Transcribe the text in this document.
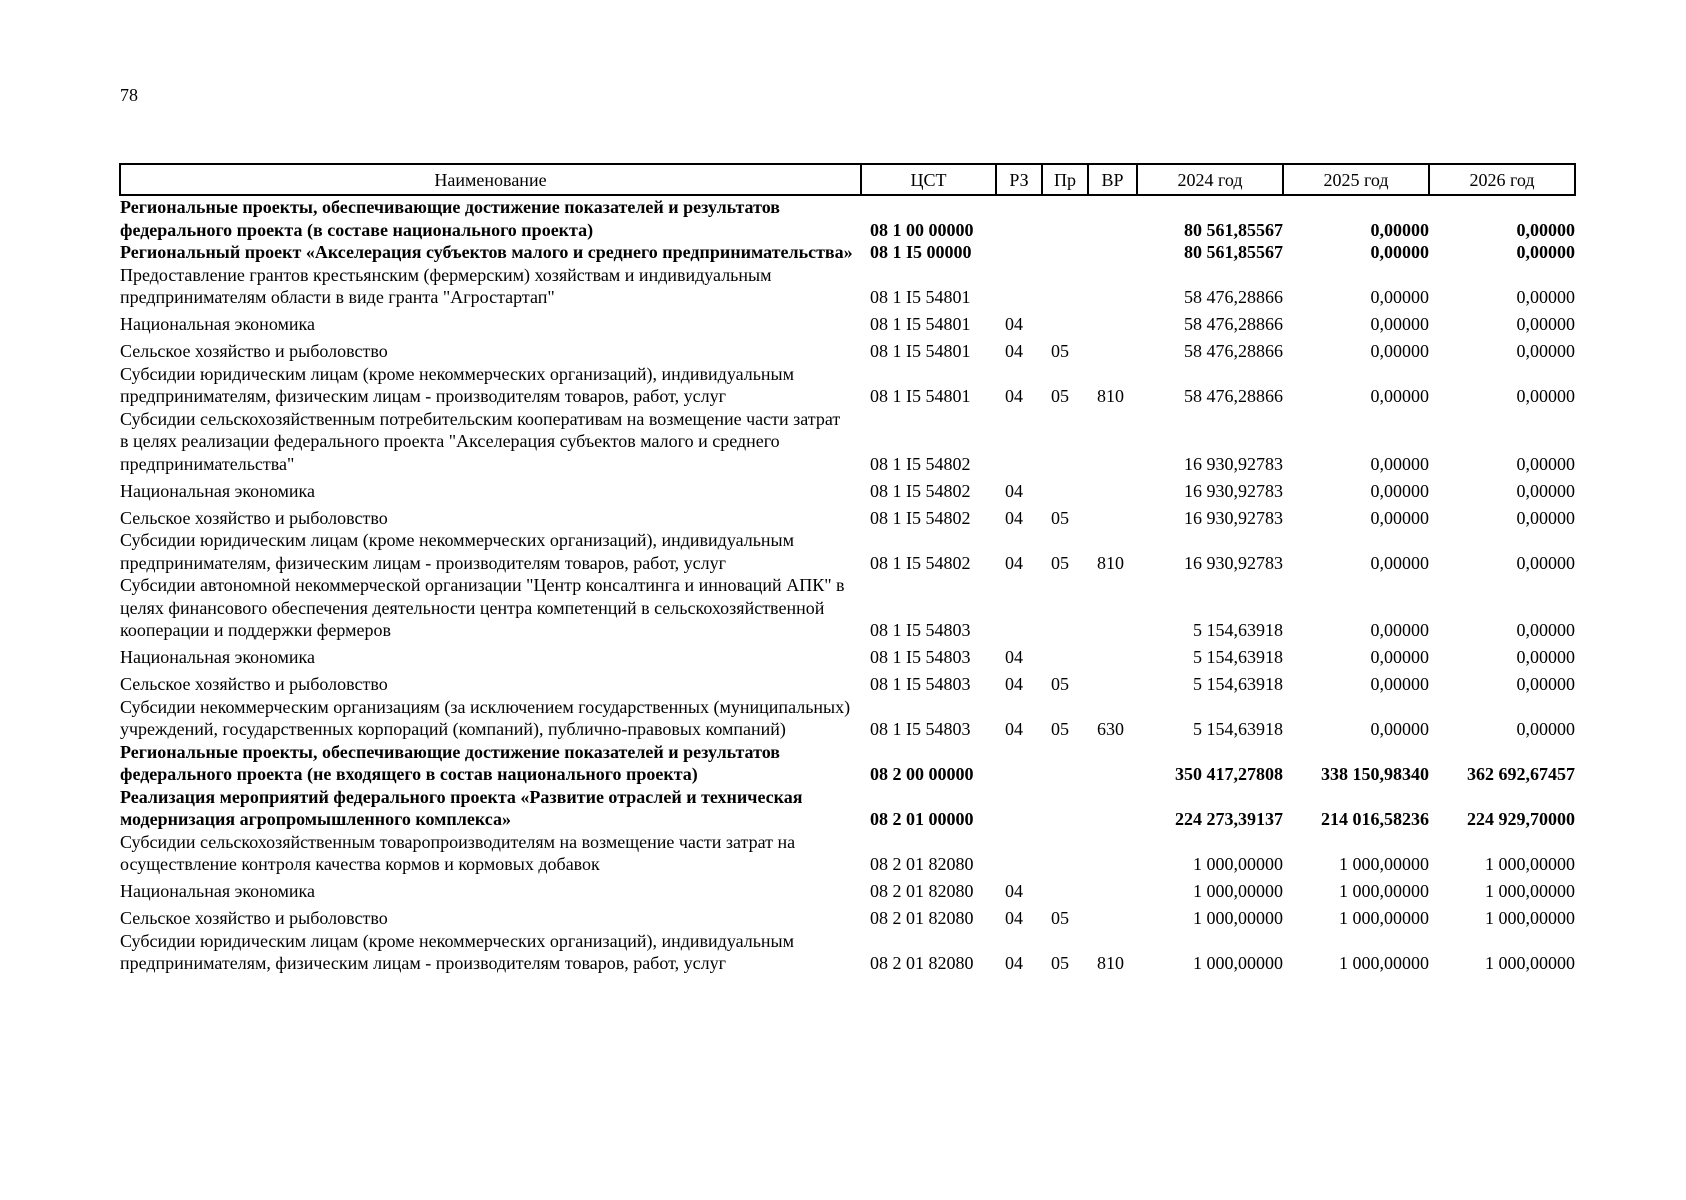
78
Наименование	ЦСТ	РЗ	Пр	ВР	2024 год	2025 год	2026 год
Региональные проекты, обеспечивающие достижение показателей и результатов федерального проекта (в составе национального проекта)	08 1 00 00000				80 561,85567	0,00000	0,00000
Региональный проект «Акселерация субъектов малого и среднего предпринимательства»	08 1 I5 00000				80 561,85567	0,00000	0,00000
Предоставление грантов крестьянским (фермерским) хозяйствам и индивидуальным предпринимателям области в виде гранта "Агростартап"	08 1 I5 54801				58 476,28866	0,00000	0,00000
Национальная экономика	08 1 I5 54801	04			58 476,28866	0,00000	0,00000
Сельское хозяйство и рыболовство	08 1 I5 54801	04	05		58 476,28866	0,00000	0,00000
Субсидии юридическим лицам (кроме некоммерческих организаций), индивидуальным предпринимателям, физическим лицам - производителям товаров, работ, услуг	08 1 I5 54801	04	05	810	58 476,28866	0,00000	0,00000
Субсидии сельскохозяйственным потребительским кооперативам на возмещение части затрат в целях реализации федерального проекта "Акселерация субъектов малого и среднего предпринимательства"	08 1 I5 54802				16 930,92783	0,00000	0,00000
Национальная экономика	08 1 I5 54802	04			16 930,92783	0,00000	0,00000
Сельское хозяйство и рыболовство	08 1 I5 54802	04	05		16 930,92783	0,00000	0,00000
Субсидии юридическим лицам (кроме некоммерческих организаций), индивидуальным предпринимателям, физическим лицам - производителям товаров, работ, услуг	08 1 I5 54802	04	05	810	16 930,92783	0,00000	0,00000
Субсидии автономной некоммерческой организации "Центр консалтинга и инноваций АПК" в целях финансового обеспечения деятельности центра компетенций в сельскохозяйственной кооперации и поддержки фермеров	08 1 I5 54803				5 154,63918	0,00000	0,00000
Национальная экономика	08 1 I5 54803	04			5 154,63918	0,00000	0,00000
Сельское хозяйство и рыболовство	08 1 I5 54803	04	05		5 154,63918	0,00000	0,00000
Субсидии некоммерческим организациям (за исключением государственных (муниципальных) учреждений, государственных корпораций (компаний), публично-правовых компаний)	08 1 I5 54803	04	05	630	5 154,63918	0,00000	0,00000
Региональные проекты, обеспечивающие достижение показателей и результатов федерального проекта (не входящего в состав национального проекта)	08 2 00 00000				350 417,27808	338 150,98340	362 692,67457
Реализация мероприятий федерального проекта «Развитие отраслей и техническая модернизация агропромышленного комплекса»	08 2 01 00000				224 273,39137	214 016,58236	224 929,70000
Субсидии сельскохозяйственным товаропроизводителям на возмещение части затрат на осуществление контроля качества кормов и кормовых добавок	08 2 01 82080				1 000,00000	1 000,00000	1 000,00000
Национальная экономика	08 2 01 82080	04			1 000,00000	1 000,00000	1 000,00000
Сельское хозяйство и рыболовство	08 2 01 82080	04	05		1 000,00000	1 000,00000	1 000,00000
Субсидии юридическим лицам (кроме некоммерческих организаций), индивидуальным предпринимателям, физическим лицам - производителям товаров, работ, услуг	08 2 01 82080	04	05	810	1 000,00000	1 000,00000	1 000,00000
